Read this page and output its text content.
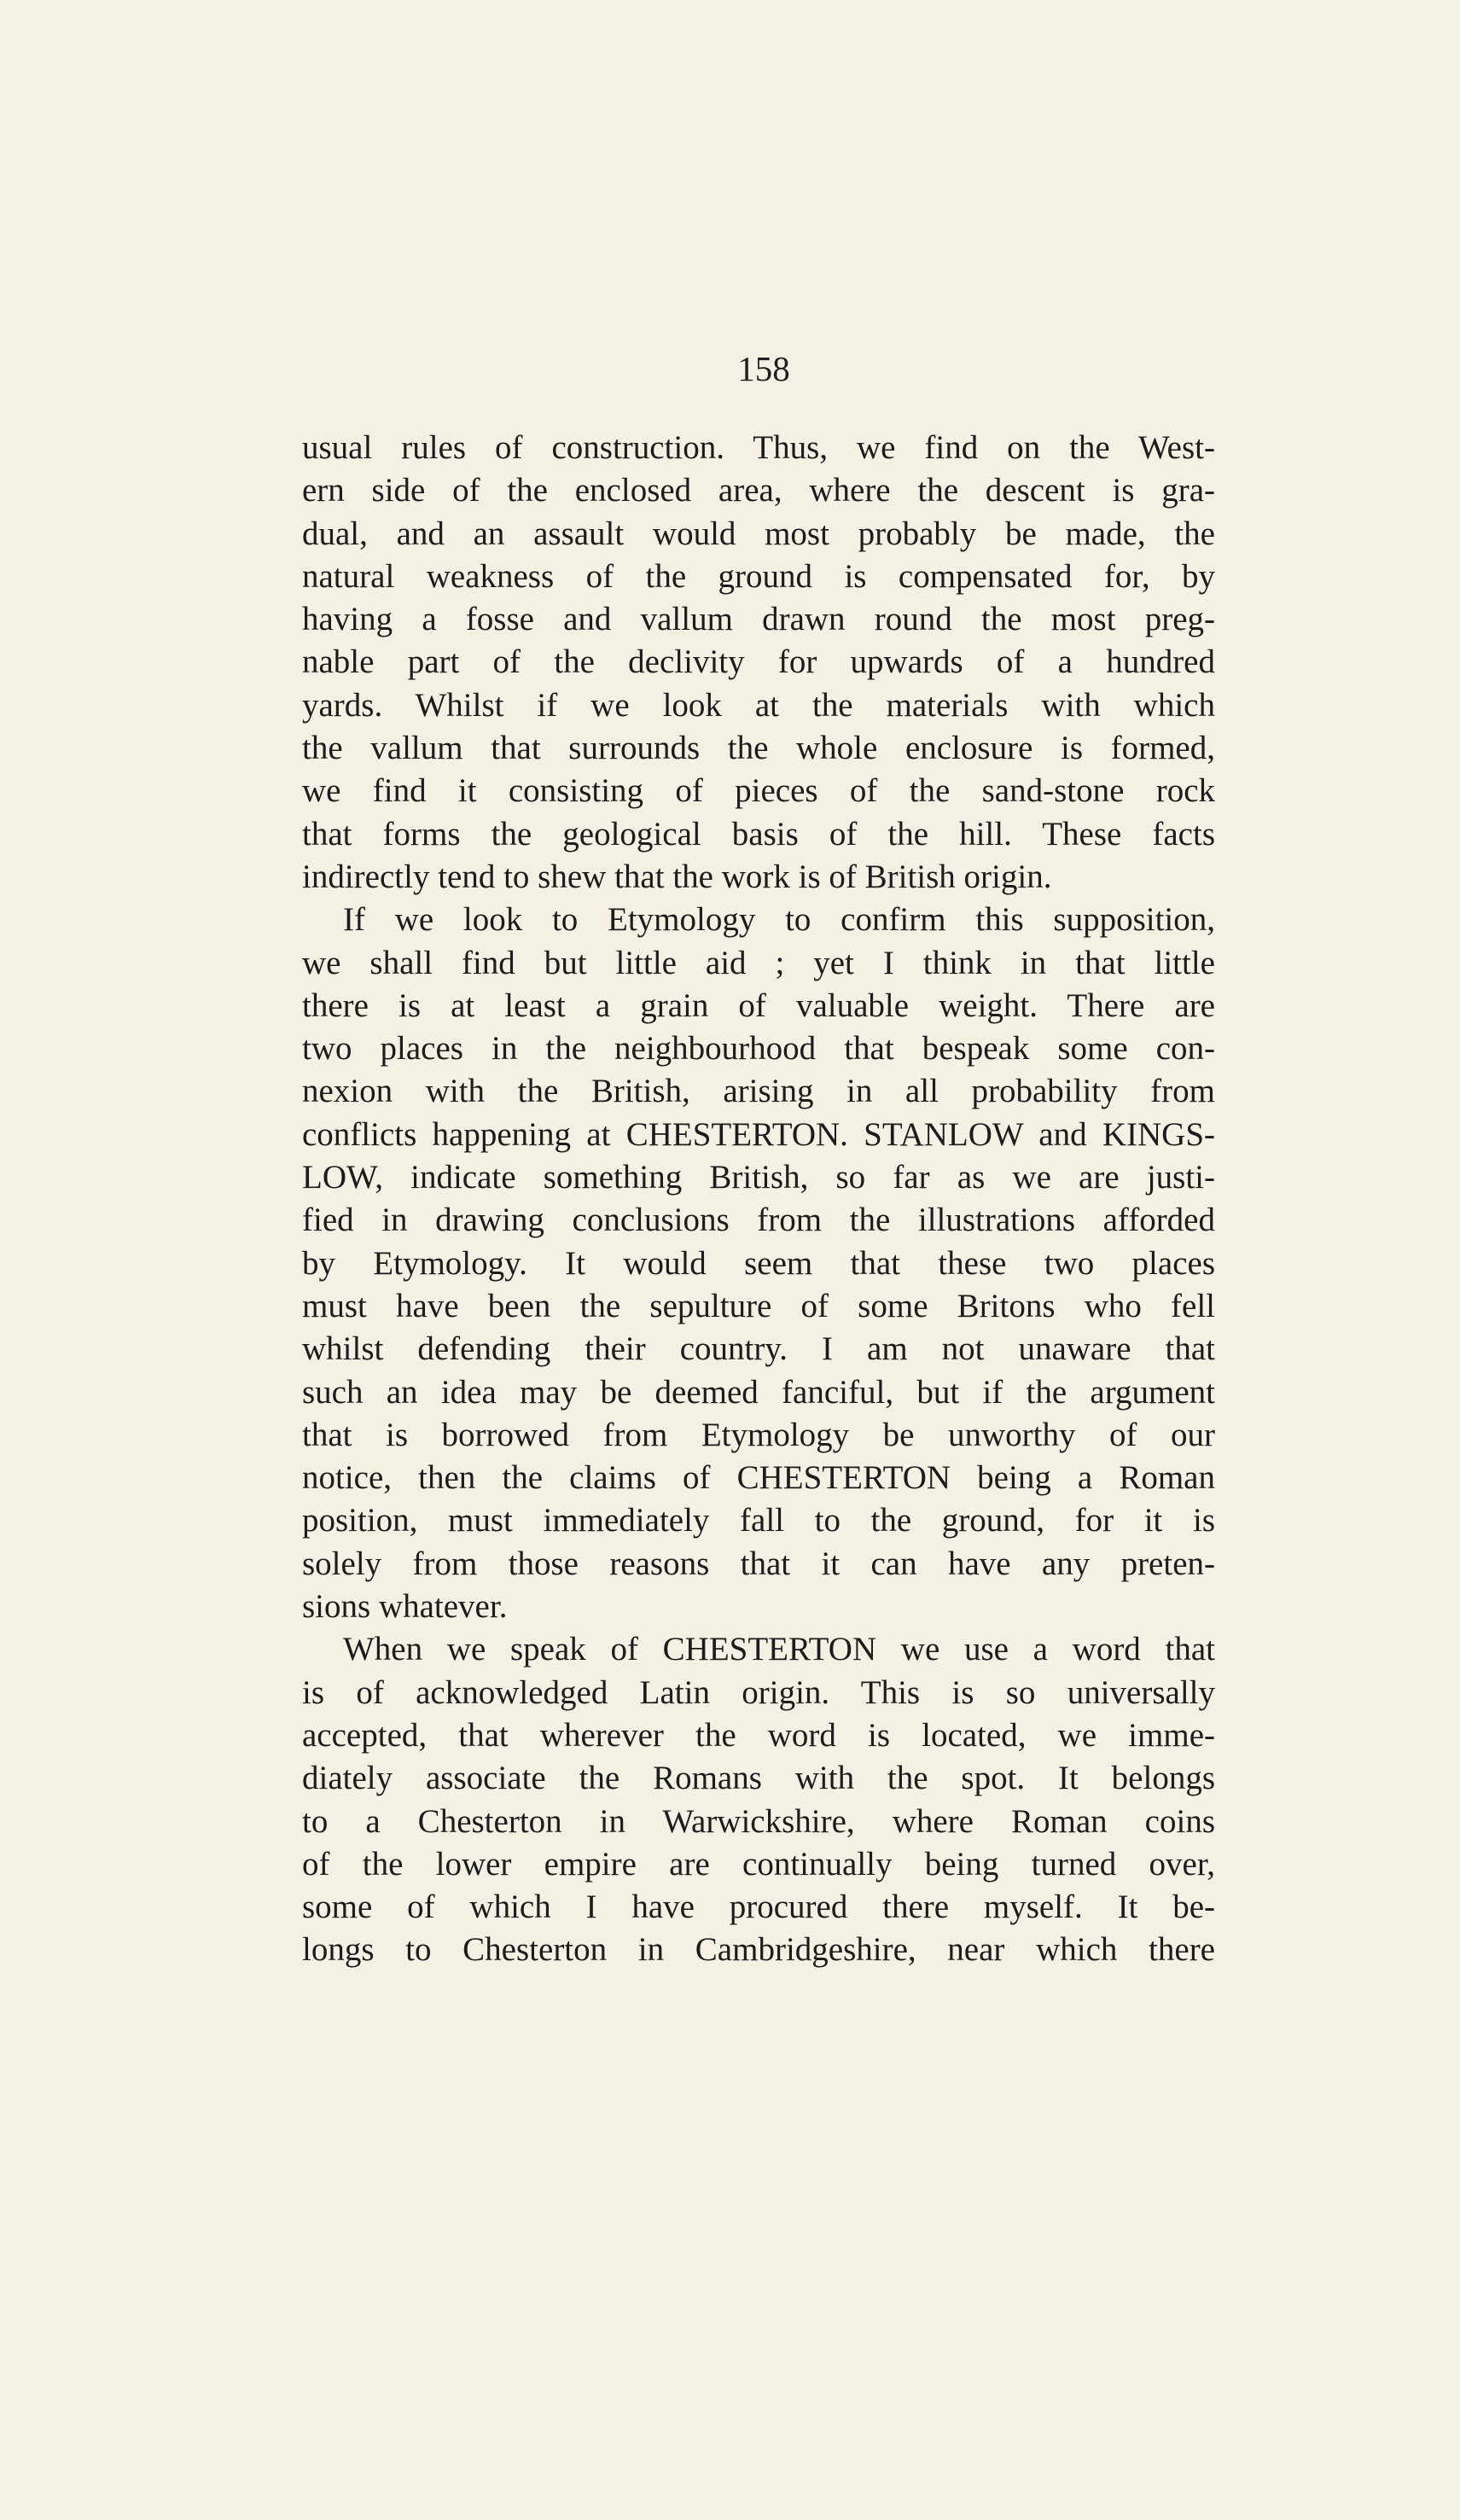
158
usual rules of construction. Thus, we find on the West-
ern side of the enclosed area, where the descent is gra-
dual, and an assault would most probably be made, the
natural weakness of the ground is compensated for, by
having a fosse and vallum drawn round the most preg-
nable part of the declivity for upwards of a hundred
yards. Whilst if we look at the materials with which
the vallum that surrounds the whole enclosure is formed,
we find it consisting of pieces of the sand-stone rock
that forms the geological basis of the hill. These facts
indirectly tend to shew that the work is of British origin.
If we look to Etymology to confirm this supposition,
we shall find but little aid ; yet I think in that little
there is at least a grain of valuable weight. There are
two places in the neighbourhood that bespeak some con-
nexion with the British, arising in all probability from
conflicts happening at CHESTERTON. STANLOW and KINGS-
LOW, indicate something British, so far as we are justi-
fied in drawing conclusions from the illustrations afforded
by Etymology. It would seem that these two places
must have been the sepulture of some Britons who fell
whilst defending their country. I am not unaware that
such an idea may be deemed fanciful, but if the argument
that is borrowed from Etymology be unworthy of our
notice, then the claims of CHESTERTON being a Roman
position, must immediately fall to the ground, for it is
solely from those reasons that it can have any preten-
sions whatever.
When we speak of CHESTERTON we use a word that
is of acknowledged Latin origin. This is so universally
accepted, that wherever the word is located, we imme-
diately associate the Romans with the spot. It belongs
to a Chesterton in Warwickshire, where Roman coins
of the lower empire are continually being turned over,
some of which I have procured there myself. It be-
longs to Chesterton in Cambridgeshire, near which there
